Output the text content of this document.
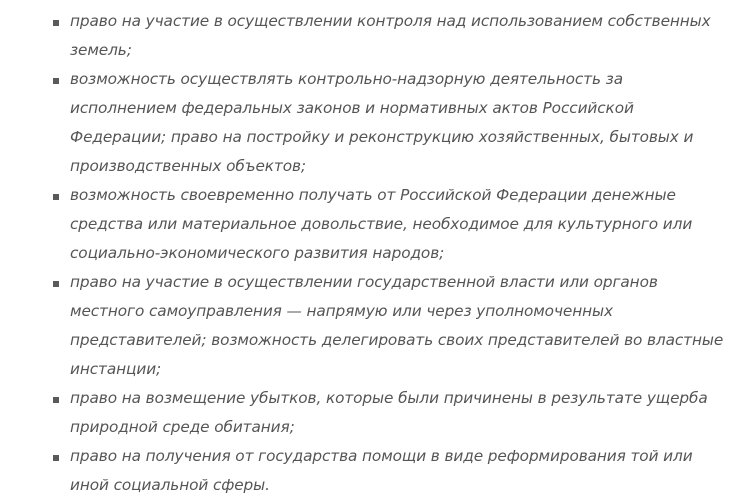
право на участие в осуществлении контроля над использованием собственных земель;
возможность осуществлять контрольно-надзорную деятельность за исполнением федеральных законов и нормативных актов Российской Федерации; право на постройку и реконструкцию хозяйственных, бытовых и производственных объектов;
возможность своевременно получать от Российской Федерации денежные средства или материальное довольствие, необходимое для культурного или социально-экономического развития народов;
право на участие в осуществлении государственной власти или органов местного самоуправления — напрямую или через уполномоченных представителей; возможность делегировать своих представителей во властные инстанции;
право на возмещение убытков, которые были причинены в результате ущерба природной среде обитания;
право на получения от государства помощи в виде реформирования той или иной социальной сферы.
